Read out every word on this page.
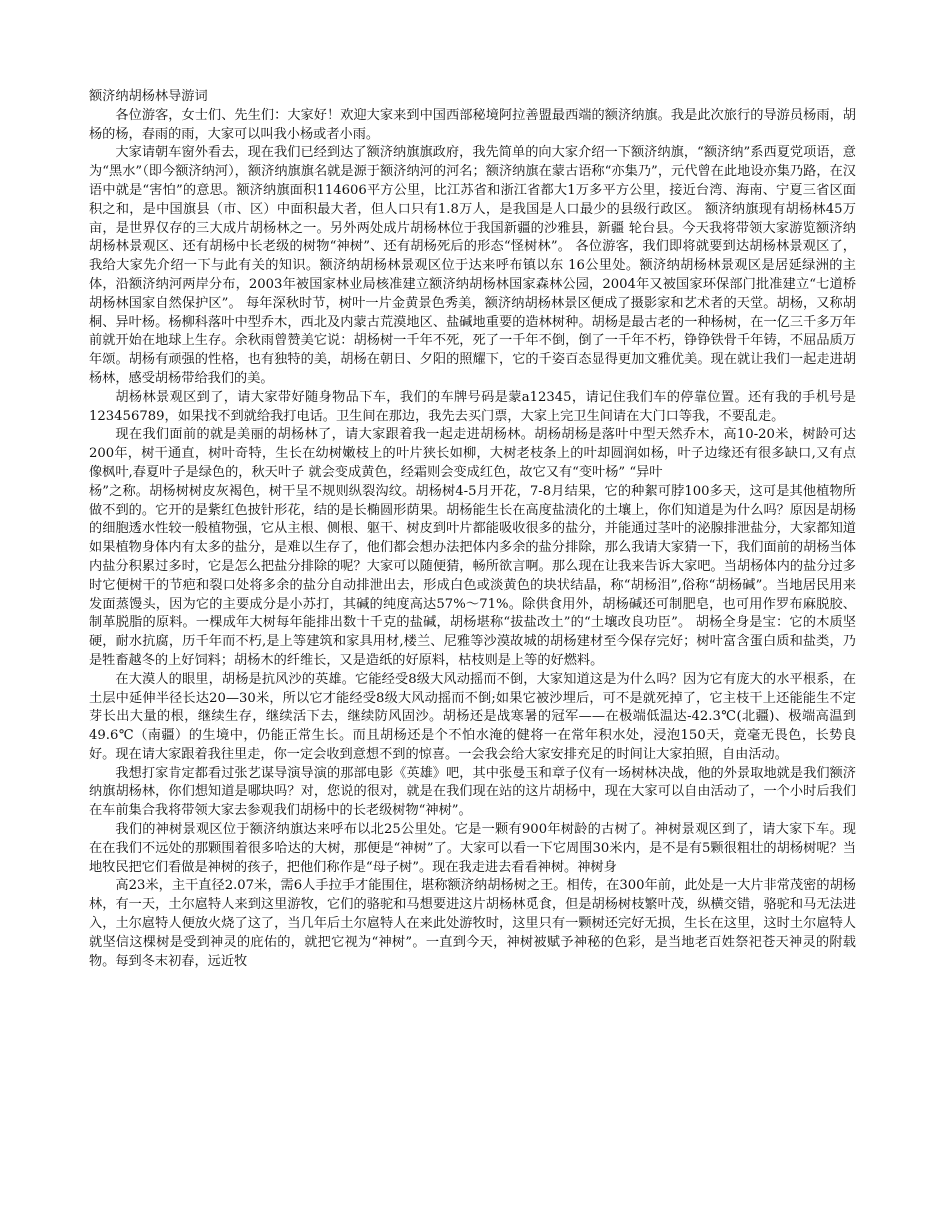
额济纳胡杨林导游词

各位游客，女士们、先生们：大家好！欢迎大家来到中国西部秘境阿拉善盟最西端的额济纳旗。我是此次旅行的导游员杨雨，胡杨的杨，春雨的雨，大家可以叫我小杨或者小雨。

大家请朝车窗外看去，现在我们已经到达了额济纳旗旗政府，我先简单的向大家介绍一下额济纳旗，“额济纳”系西夏党项语，意为“黑水”（即今额济纳河），额济纳旗旗名就是源于额济纳河的河名；额济纳旗在蒙古语称“亦集乃”，元代曾在此地设亦集乃路，在汉语中就是“害怕”的意思。额济纳旗面积114606平方公里，比江苏省和浙江省都大1万多平方公里，接近台湾、海南、宁夏三省区面积之和，是中国旗县（市、区）中面积最大者，但人口只有1.8万人，是我国是人口最少的县级行政区。 额济纳旗现有胡杨林45万亩，是世界仅存的三大成片胡杨林之一。另外两处成片胡杨林位于我国新疆的沙雅县，新疆 轮台县。今天我将带领大家游览额济纳胡杨林景观区、还有胡杨中长老级的树物“神树”、还有胡杨死后的形态“怪树林”。 各位游客，我们即将就要到达胡杨林景观区了，我给大家先介绍一下与此有关的知识。额济纳胡杨林景观区位于达来呼布镇以东 16公里处。额济纳胡杨林景观区是居延绿洲的主体，沿额济纳河两岸分布，2003年被国家林业局核准建立额济纳胡杨林国家森林公园，2004年又被国家环保部门批准建立“七道桥胡杨林国家自然保护区”。 每年深秋时节，树叶一片金黄景色秀美，额济纳胡杨林景区便成了摄影家和艺术者的天堂。胡杨，又称胡桐、异叶杨。杨柳科落叶中型乔木，西北及内蒙古荒漠地区、盐碱地重要的造林树种。胡杨是最古老的一种杨树，在一亿三千多万年前就开始在地球上生存。余秋雨曾赞美它说：胡杨树一千年不死，死了一千年不倒，倒了一千年不朽，铮铮铁骨千年铸，不屈品质万年颂。胡杨有顽强的性格，也有独特的美，胡杨在朝日、夕阳的照耀下，它的千姿百态显得更加文雅优美。现在就让我们一起走进胡杨林，感受胡杨带给我们的美。

胡杨林景观区到了，请大家带好随身物品下车，我们的车牌号码是蒙a12345，请记住我们车的停靠位置。还有我的手机号是123456789，如果找不到就给我打电话。卫生间在那边，我先去买门票，大家上完卫生间请在大门口等我，不要乱走。

现在我们面前的就是美丽的胡杨林了，请大家跟着我一起走进胡杨林。胡杨胡杨是落叶中型天然乔木，高10-20米，树龄可达200年，树干通直，树叶奇特，生长在幼树嫩枝上的叶片狭长如柳，大树老枝条上的叶却圆润如杨，叶子边缘还有很多缺口,又有点像枫叶,春夏叶子是绿色的，秋天叶子 就会变成黄色，经霜则会变成红色，故它又有“变叶杨” “异叶

杨”之称。胡杨树树皮灰褐色，树干呈不规则纵裂沟纹。胡杨树4-5月开花，7-8月结果，它的种絮可脖100多天，这可是其他植物所做不到的。它开的是紫红色披针形花，结的是长椭圆形荫果。胡杨能生长在高度盐渍化的土壤上，你们知道是为什么吗？原因是胡杨的细胞透水性较一般植物强，它从主根、侧根、躯干、树皮到叶片都能吸收很多的盐分，并能通过茎叶的泌腺排泄盐分，大家都知道如果植物身体内有太多的盐分，是难以生存了，他们都会想办法把体内多余的盐分排除，那么我请大家猜一下，我们面前的胡杨当体内盐分积累过多时，它是怎么把盐分排除的呢？大家可以随便猜，畅所欲言啊。那么现在让我来告诉大家吧。当胡杨体内的盐分过多时它便树干的节疤和裂口处将多余的盐分自动排泄出去，形成白色或淡黄色的块状结晶，称“胡杨泪”,俗称“胡杨碱”。当地居民用来发面蒸馒头，因为它的主要成分是小苏打，其碱的纯度高达57%～71%。除供食用外，胡杨碱还可制肥皂，也可用作罗布麻脱胶、制革脱脂的原料。一棵成年大树每年能排出数十千克的盐碱，胡杨堪称“拔盐改土”的“土壤改良功臣”。 胡杨全身是宝：它的木质坚硬，耐水抗腐，历千年而不朽,是上等建筑和家具用材,楼兰、尼雅等沙漠故城的胡杨建材至今保存完好；树叶富含蛋白质和盐类，乃是牲畜越冬的上好饲料；胡杨木的纤维长，又是造纸的好原料，枯枝则是上等的好燃料。

在大漠人的眼里，胡杨是抗风沙的英雄。它能经受8级大风动摇而不倒，大家知道这是为什么吗？因为它有庞大的水平根系，在土层中延伸半径长达20—30米，所以它才能经受8级大风动摇而不倒;如果它被沙埋后，可不是就死掉了，它主枝干上还能能生不定芽长出大量的根，继续生存，继续活下去，继续防风固沙。胡杨还是战寒暑的冠军——在极端低温达-42.3℃(北疆)、极端高温到49.6℃（南疆）的生境中，仍能正常生长。而且胡杨还是个不怕水淹的健将一在常年积水处，浸泡150天，竟毫无畏色，长势良好。现在请大家跟着我往里走，你一定会收到意想不到的惊喜。一会我会给大家安排充足的时间让大家拍照，自由活动。

我想打家肯定都看过张艺谋导演导演的那部电影《英雄》吧，其中张曼玉和章子仪有一场树林决战，他的外景取地就是我们额济纳旗胡杨林，你们想知道是哪块吗？对，您说的很对，就是在我们现在站的这片胡杨中，现在大家可以自由活动了，一个小时后我们在车前集合我将带领大家去参观我们胡杨中的长老级树物“神树”。

我们的神树景观区位于额济纳旗达来呼布以北25公里处。它是一颗有900年树龄的古树了。神树景观区到了，请大家下车。现在在我们不远处的那颗围着很多哈达的大树，那便是“神树”了。大家可以看一下它周围30米内，是不是有5颗很粗壮的胡杨树呢？当地牧民把它们看做是神树的孩子，把他们称作是“母子树”。现在我走进去看看神树。神树身

高23米，主干直径2.07米，需6人手拉手才能围住，堪称额济纳胡杨树之王。相传，在300年前，此处是一大片非常茂密的胡杨林，有一天，土尔扈特人来到这里游牧，它们的骆驼和马想要进这片胡杨林觅食，但是胡杨树枝繁叶茂，纵横交错，骆驼和马无法进入，土尔扈特人便放火烧了这了，当几年后土尔扈特人在来此处游牧时，这里只有一颗树还完好无损，生长在这里，这时土尔扈特人就坚信这棵树是受到神灵的庇佑的，就把它视为“神树”。一直到今天，神树被赋予神秘的色彩，是当地老百姓祭祀苍天神灵的附载物。每到冬末初春，远近牧
